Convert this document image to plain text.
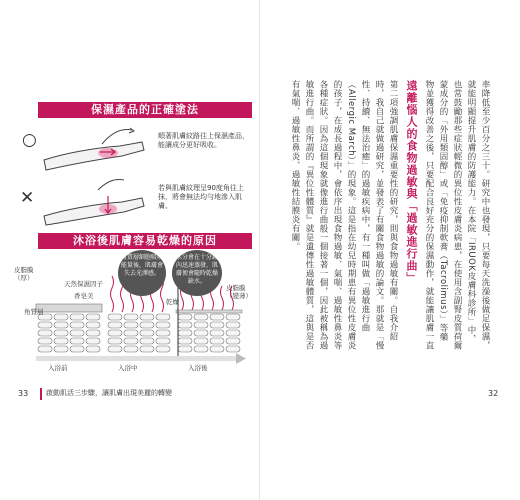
保濕產品的正確塗法
○	順著肌膚紋路往上保濕產品，能讓成分更好吸收。
✕	若與肌膚紋理呈90度角往上抹，將會無法均勻地滲入肌膚。
沐浴後肌膚容易乾燥的原因
皮脂膜（厚）
天然保濕因子
香皂美
角質層
角質層細胞吸收能量後，肌膚會失去光澤感。
水分會在十分鐘內迅速蒸發，肌膚便會隨時乾燥缺水。
乾燥
皮脂膜（變薄）
入浴前	入浴中	入浴後
33	啟動肌活三步驟，讓肌膚出現美麗的轉變
率降低至少百分之三十。研究中也發現，只要每天洗澡後做足保濕，就能明顯提升肌膚的防護能力。在本院「IRUOK皮膚科診所」中，也常鼓勵那些症狀輕微的異位性皮膚炎病患，在使用含副腎皮質荷爾蒙成分的「外用類固醇」或「免疫抑制軟膏（Tacrolimus）」等藥物並獲得改善之後，只要配合良好充分的保濕動作，就能讓肌膚一直
遠離惱人的食物過敏與「過敏進行曲」
第二項強調肌膚保濕重要性的研究，則與食物過敏有關。自我介紹時，我自己就做過研究，並發表了有關食物過敏的論文。那就是「慢性、持續、無法治癒」的過敏疾病中，有一種叫做「過敏進行曲（Allergic March）」的現象。這是指在幼兒時期患有異位性皮膚炎的孩子，在成長過程中，會依序出現食物過敏、氣喘、過敏性鼻炎等各種症狀。因為這個現象就像進行曲般一個接著一個，因此被稱為過敏進行曲。而所謂的『異位性體質』就是遺傳性過敏體質，這與是否有氣喘、過敏性鼻炎、過敏性結膜炎有關。
32
